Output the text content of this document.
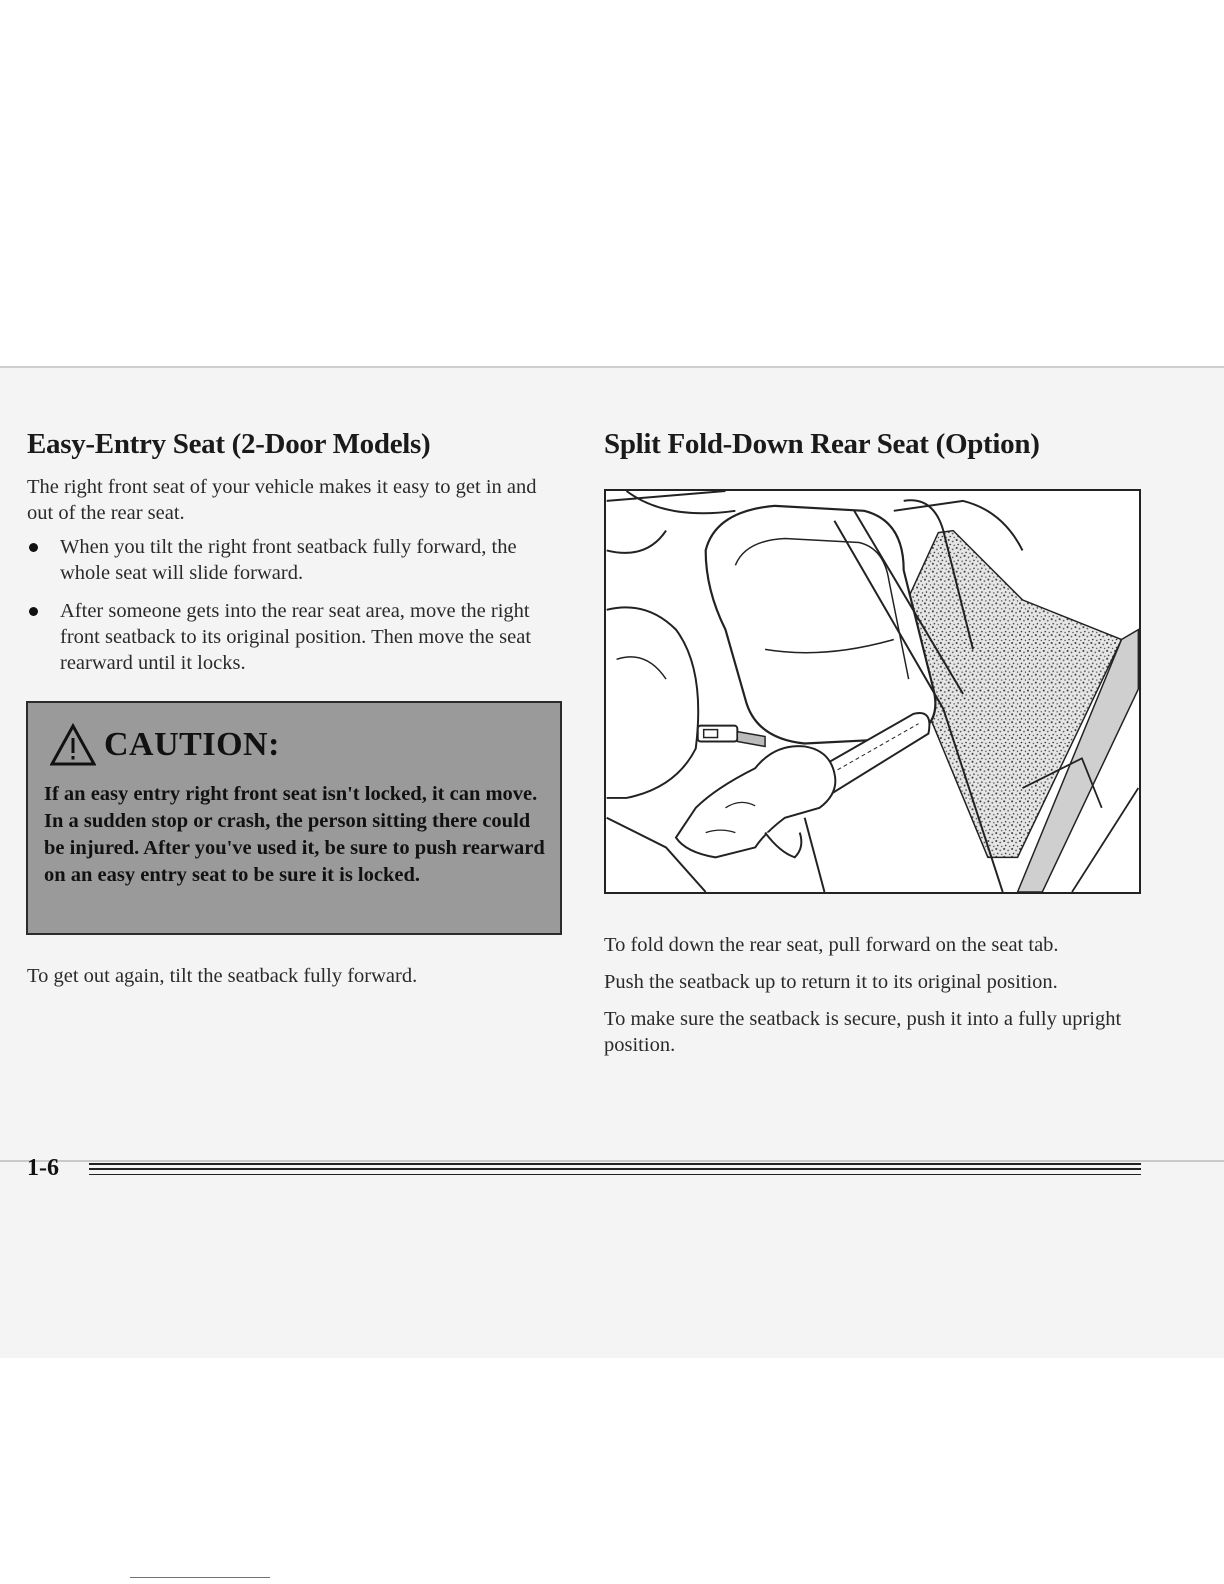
Easy-Entry Seat (2-Door Models)

The right front seat of your vehicle makes it easy to get in and out of the rear seat.

When you tilt the right front seatback fully forward, the whole seat will slide forward.
After someone gets into the rear seat area, move the right front seatback to its original position. Then move the seat rearward until it locks.
CAUTION:

If an easy entry right front seat isn't locked, it can move. In a sudden stop or crash, the person sitting there could be injured. After you've used it, be sure to push rearward on an easy entry seat to be sure it is locked.

To get out again, tilt the seatback fully forward.

Split Fold-Down Rear Seat (Option)

To fold down the rear seat, pull forward on the seat tab.

Push the seatback up to return it to its original position.

To make sure the seatback is secure, push it into a fully upright position.

1-6
